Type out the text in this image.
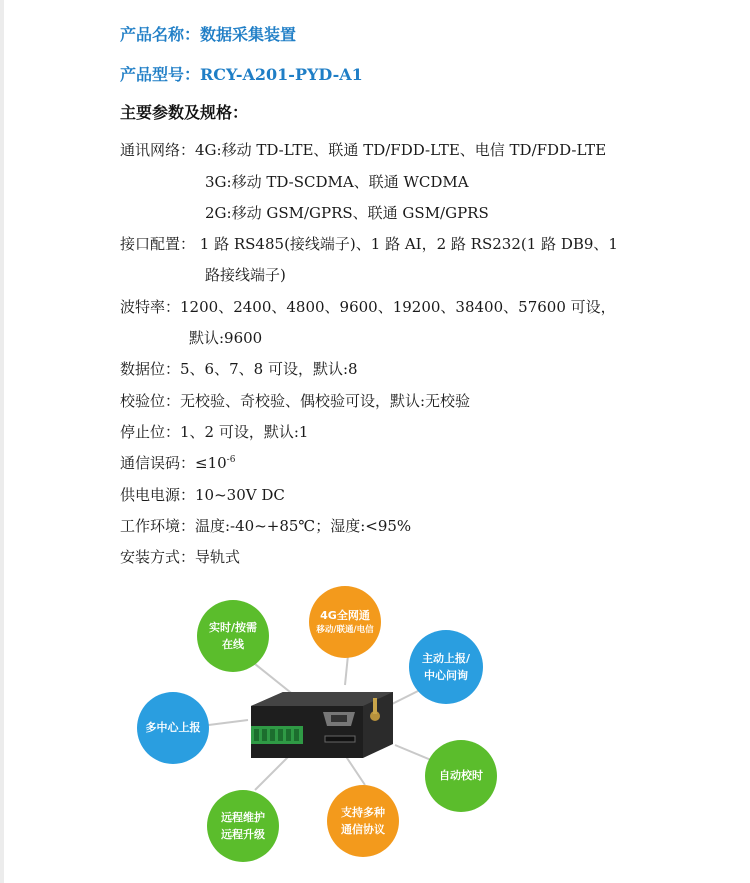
产品名称：数据采集装置
产品型号：RCY-A201-PYD-A1
主要参数及规格：
通讯网络：4G:移动 TD-LTE、联通 TD/FDD-LTE、电信 TD/FDD-LTE
3G:移动 TD-SCDMA、联通 WCDMA
2G:移动 GSM/GPRS、联通 GSM/GPRS
接口配置： 1 路 RS485(接线端子)、1 路 AI，2 路 RS232(1 路 DB9、1
路接线端子)
波特率：1200、2400、4800、9600、19200、38400、57600 可设，
默认:9600
数据位：5、6、7、8 可设，默认:8
校验位：无校验、奇校验、偶校验可设，默认:无校验
停止位：1、2 可设，默认:1
通信误码：$\le 10^{-6}$
供电电源：10~30V DC
工作环境：温度:-40~+85℃；湿度:<95%
安装方式：导轨式
实时/按需
在线
4G全网通
移动/联通/电信
主动上报/
中心问询
多中心上报
自动校时
远程维护
远程升级
支持多种
通信协议
